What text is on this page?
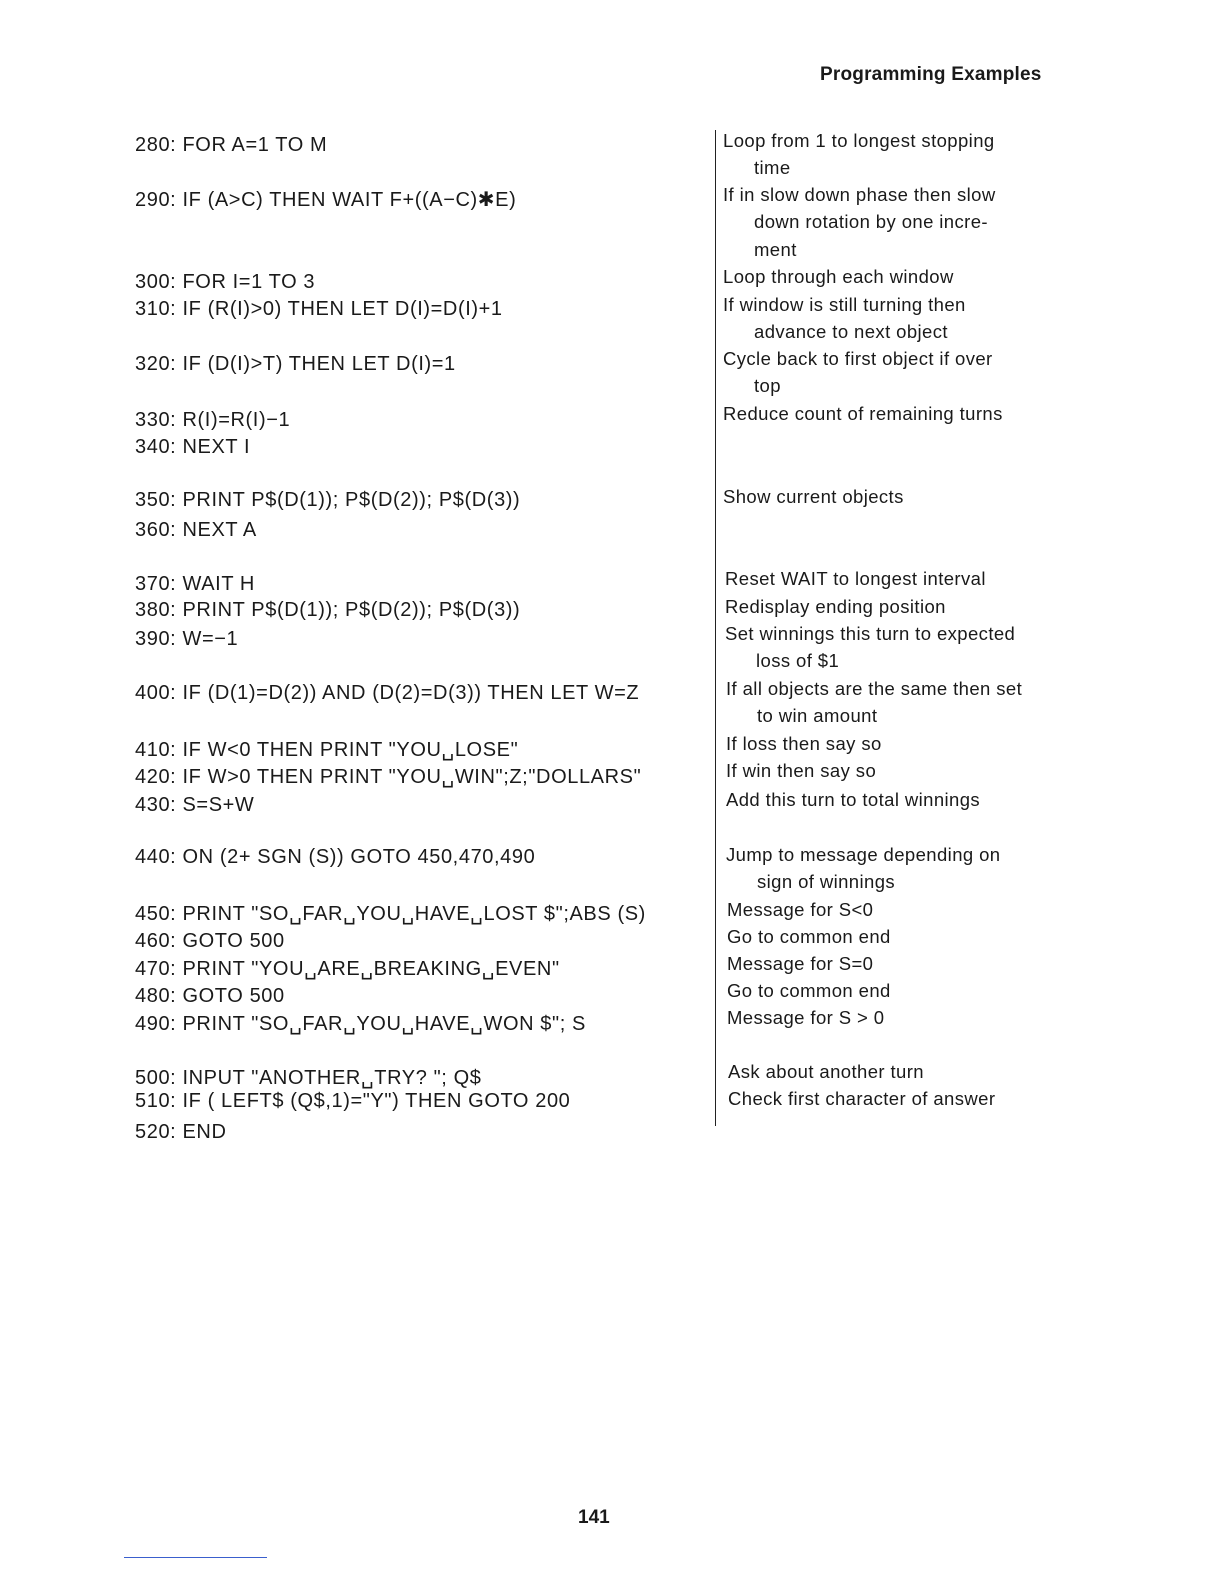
Programming Examples
280: FOR A=1 TO M
290: IF (A>C) THEN WAIT F+((A−C)✱E)
300: FOR I=1 TO 3
310: IF (R(I)>0) THEN LET D(I)=D(I)+1
320: IF (D(I)>T) THEN LET D(I)=1
330: R(I)=R(I)−1
340: NEXT I
350: PRINT P$(D(1)); P$(D(2)); P$(D(3))
360: NEXT A
370: WAIT H
380: PRINT P$(D(1)); P$(D(2)); P$(D(3))
390: W=−1
400: IF (D(1)=D(2)) AND (D(2)=D(3)) THEN LET W=Z
410: IF W<0 THEN PRINT "YOU␣LOSE"
420: IF W>0 THEN PRINT "YOU␣WIN";Z;"DOLLARS"
430: S=S+W
440: ON (2+ SGN (S)) GOTO 450,470,490
450: PRINT "SO␣FAR␣YOU␣HAVE␣LOST $";ABS (S)
460: GOTO 500
470: PRINT "YOU␣ARE␣BREAKING␣EVEN"
480: GOTO 500
490: PRINT "SO␣FAR␣YOU␣HAVE␣WON $"; S
500: INPUT "ANOTHER␣TRY? "; Q$
510: IF ( LEFT$ (Q$,1)="Y") THEN GOTO 200
520: END
Loop from 1 to longest stopping
time
If in slow down phase then slow
down rotation by one incre-
ment
Loop through each window
If window is still turning then
advance to next object
Cycle back to first object if over
top
Reduce count of remaining turns
Show current objects
Reset WAIT to longest interval
Redisplay ending position
Set winnings this turn to expected
loss of $1
If all objects are the same then set
to win amount
If loss then say so
If win then say so
Add this turn to total winnings
Jump to message depending on
sign of winnings
Message for S<0
Go to common end
Message for S=0
Go to common end
Message for S > 0
Ask about another turn
Check first character of answer
141
